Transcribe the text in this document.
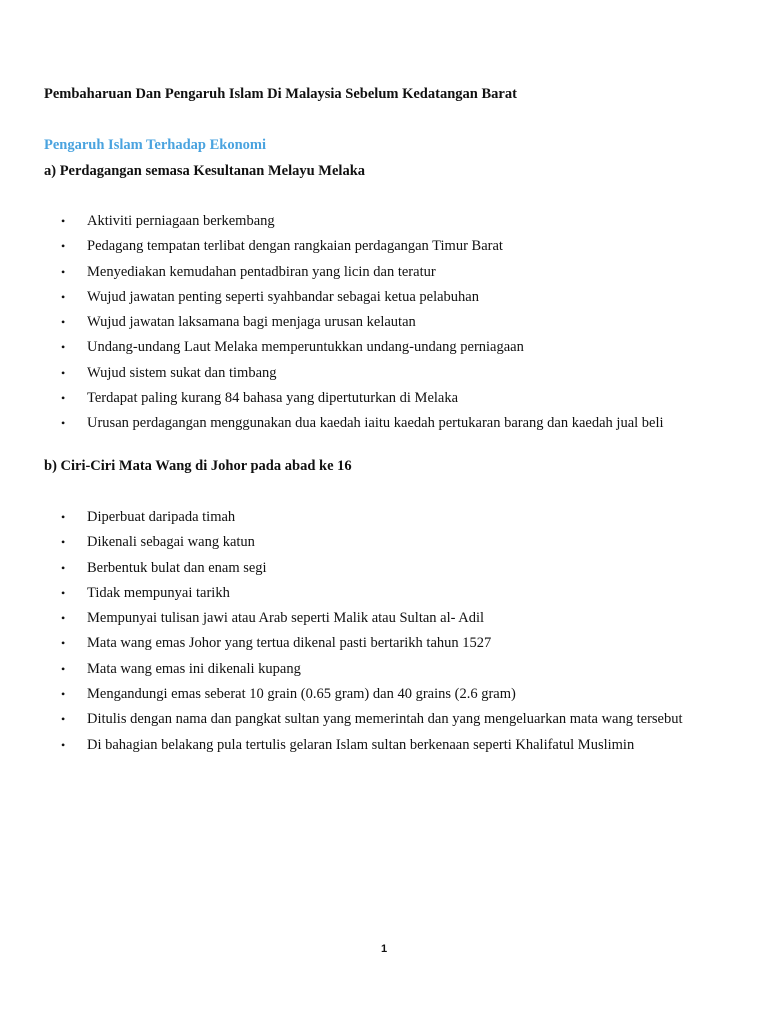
Pembaharuan Dan Pengaruh Islam Di Malaysia Sebelum Kedatangan Barat
Pengaruh Islam Terhadap Ekonomi
a) Perdagangan semasa Kesultanan Melayu Melaka
• Aktiviti perniagaan berkembang
• Pedagang tempatan terlibat dengan rangkaian perdagangan Timur Barat
• Menyediakan kemudahan pentadbiran yang licin dan teratur
• Wujud jawatan penting seperti syahbandar sebagai ketua pelabuhan
• Wujud jawatan laksamana bagi menjaga urusan kelautan
• Undang-undang Laut Melaka memperuntukkan undang-undang perniagaan
• Wujud sistem sukat dan timbang
• Terdapat paling kurang 84 bahasa yang dipertuturkan di Melaka
• Urusan perdagangan menggunakan dua kaedah iaitu kaedah pertukaran barang dan kaedah jual beli
b) Ciri-Ciri Mata Wang di Johor pada abad ke 16
• Diperbuat daripada timah
• Dikenali sebagai wang katun
• Berbentuk bulat dan enam segi
• Tidak mempunyai tarikh
• Mempunyai tulisan jawi atau Arab seperti Malik atau Sultan al- Adil
• Mata wang emas Johor yang tertua dikenal pasti bertarikh tahun 1527
• Mata wang emas ini dikenali kupang
• Mengandungi emas seberat 10 grain (0.65 gram) dan 40 grains (2.6 gram)
• Ditulis dengan nama dan pangkat sultan yang memerintah dan yang mengeluarkan mata wang tersebut
• Di bahagian belakang pula tertulis gelaran Islam sultan berkenaan seperti Khalifatul Muslimin
1
